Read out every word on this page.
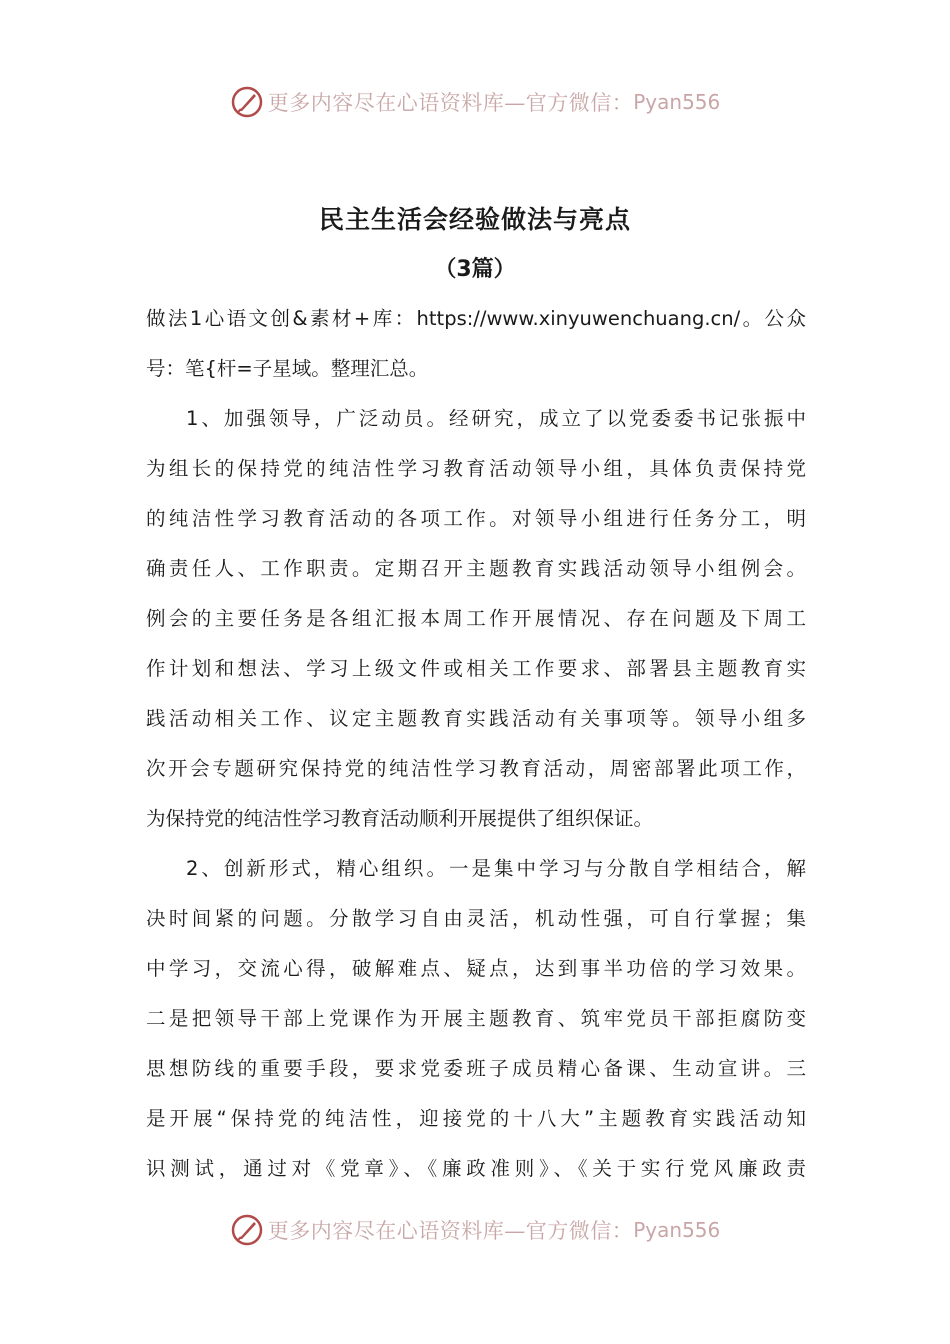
更多内容尽在心语资料库—官方微信： Pyan556
民主生活会经验做法与亮点
（3篇）
做法1心语文创&素材+库：https://www.xinyuwenchuang.cn/。公众
号：笔{杆=子星域。整理汇总。
1、加强领导，广泛动员。经研究，成立了以党委委书记张振中
为组长的保持党的纯洁性学习教育活动领导小组，具体负责保持党
的纯洁性学习教育活动的各项工作。对领导小组进行任务分工，明
确责任人、工作职责。定期召开主题教育实践活动领导小组例会。
例会的主要任务是各组汇报本周工作开展情况、存在问题及下周工
作计划和想法、学习上级文件或相关工作要求、部署县主题教育实
践活动相关工作、议定主题教育实践活动有关事项等。领导小组多
次开会专题研究保持党的纯洁性学习教育活动，周密部署此项工作，
为保持党的纯洁性学习教育活动顺利开展提供了组织保证。
2、创新形式，精心组织。一是集中学习与分散自学相结合，解
决时间紧的问题。分散学习自由灵活，机动性强，可自行掌握；集
中学习，交流心得，破解难点、疑点，达到事半功倍的学习效果。
二是把领导干部上党课作为开展主题教育、筑牢党员干部拒腐防变
思想防线的重要手段，要求党委班子成员精心备课、生动宣讲。三
是开展“保持党的纯洁性，迎接党的十八大”主题教育实践活动知
识测试，通过对《党章》、《廉政准则》、《关于实行党风廉政责
更多内容尽在心语资料库—官方微信： Pyan556
